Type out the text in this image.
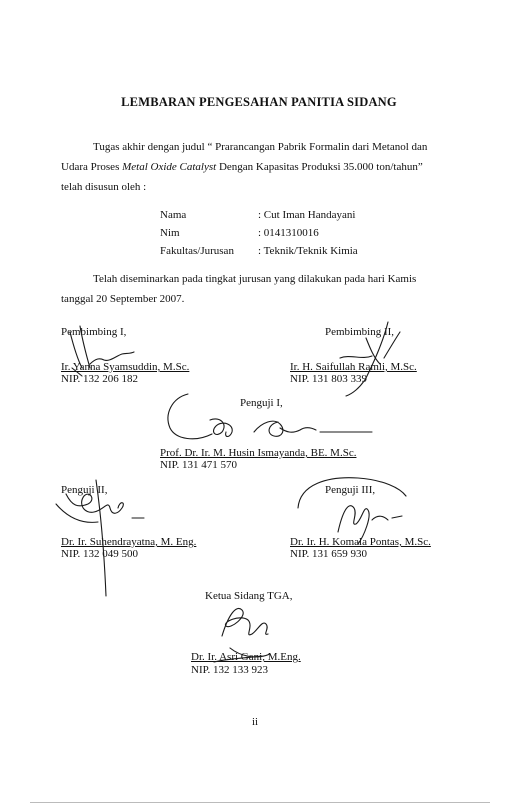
LEMBARAN PENGESAHAN PANITIA SIDANG
Tugas akhir dengan judul “ Prarancangan Pabrik Formalin dari Metanol dan
Udara Proses Metal Oxide Catalyst Dengan Kapasitas Produksi 35.000 ton/tahun”
telah disusun oleh :
Nama	: Cut Iman Handayani
Nim	: 0141310016
Fakultas/Jurusan : Teknik/Teknik Kimia
Telah diseminarkan pada tingkat jurusan yang dilakukan pada hari Kamis
tanggal 20 September 2007.
Pembimbing I,
Ir. Yanna Syamsuddin, M.Sc.
NIP. 132 206 182
Pembimbing II,
Ir. H. Saifullah Ramli, M.Sc.
NIP. 131 803 339
Penguji I,
Prof. Dr. Ir. M. Husin Ismayanda, BE. M.Sc.
NIP. 131 471 570
Penguji II,
Dr. Ir. Suhendrayatna, M. Eng.
NIP. 132 049 500
Penguji III,
Dr. Ir. H. Komala Pontas, M.Sc.
NIP. 131 659 930
Ketua Sidang TGA,
Dr. Ir. Asri Gani, M.Eng.
NIP. 132 133 923
ii
